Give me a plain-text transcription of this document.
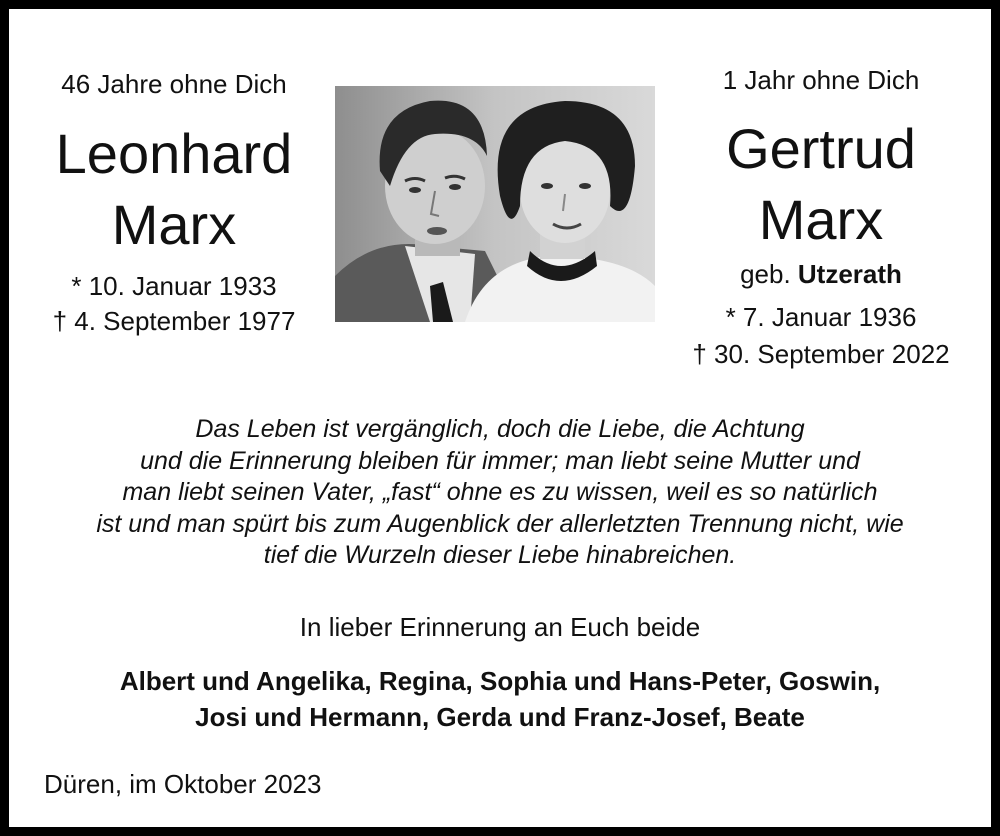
46 Jahre ohne Dich
Leonhard
Marx
* 10. Januar 1933
† 4. September 1977
1 Jahr ohne Dich
Gertrud
Marx
geb. Utzerath
* 7. Januar 1936
† 30. September 2022
Das Leben ist vergänglich, doch die Liebe, die Achtung
und die Erinnerung bleiben für immer; man liebt seine Mutter und
man liebt seinen Vater, „fast“ ohne es zu wissen, weil es so natürlich
ist und man spürt bis zum Augenblick der allerletzten Trennung nicht, wie
tief die Wurzeln dieser Liebe hinabreichen.
In lieber Erinnerung an Euch beide
Albert und Angelika, Regina, Sophia und Hans-Peter, Goswin,
Josi und Hermann, Gerda und Franz-Josef, Beate
Düren, im Oktober 2023
